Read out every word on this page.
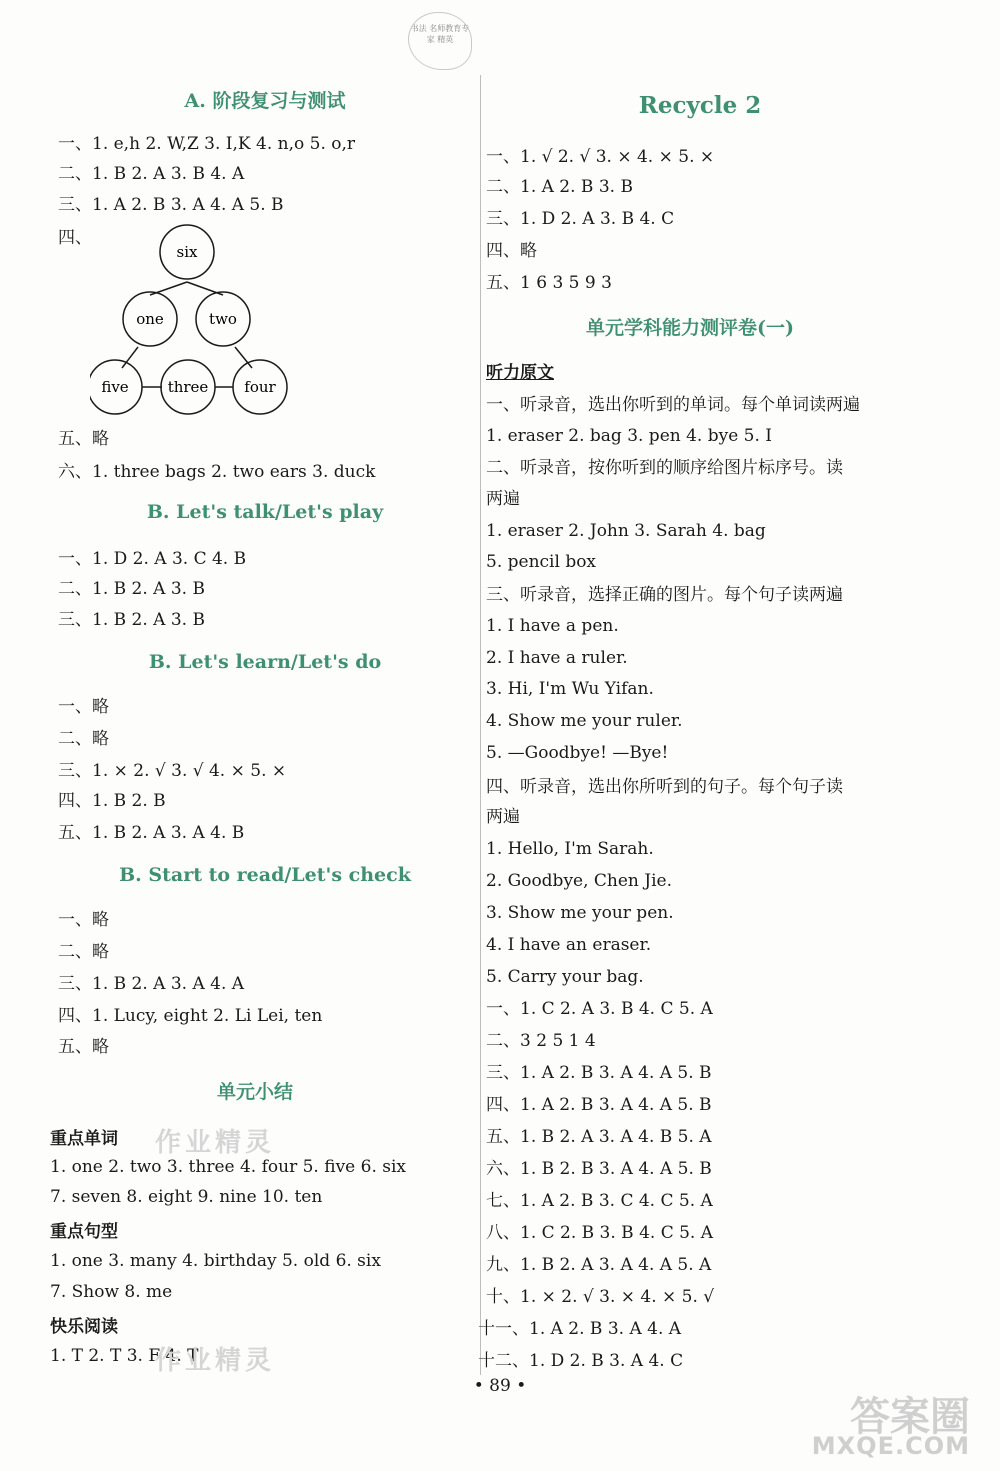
书法 名师教育专家 精英
A. 阶段复习与测试
一、1. e,h 2. W,Z 3. I,K 4. n,o 5. o,r
二、1. B 2. A 3. B 4. A
三、1. A 2. B 3. A 4. A 5. B
四、
six
one	two
five	three four
五、略
六、1. three bags 2. two ears 3. duck
B. Let's talk/Let's play
一、1. D 2. A 3. C 4. B
二、1. B 2. A 3. B
三、1. B 2. A 3. B
B. Let's learn/Let's do
一、略
二、略
三、1. × 2. √ 3. √ 4. × 5. ×
四、1. B 2. B
五、1. B 2. A 3. A 4. B
B. Start to read/Let's check
一、略
二、略
三、1. B 2. A 3. A 4. A
四、1. Lucy, eight 2. Li Lei, ten
五、略
单元小结
重点单词
1. one 2. two 3. three 4. four 5. five 6. six
7. seven 8. eight 9. nine 10. ten
重点句型
1. one 3. many 4. birthday 5. old 6. six
7. Show 8. me
快乐阅读
1. T 2. T 3. F 4. T
Recycle 2
一、1. √ 2. √ 3. × 4. × 5. ×
二、1. A 2. B 3. B
三、1. D 2. A 3. B 4. C
四、略
五、1 6 3 5 9 3
单元学科能力测评卷(一)
听力原文
一、听录音，选出你听到的单词。每个单词读两遍
1. eraser 2. bag 3. pen 4. bye 5. I
二、听录音，按你听到的顺序给图片标序号。读
两遍
1. eraser 2. John 3. Sarah 4. bag
5. pencil box
三、听录音，选择正确的图片。每个句子读两遍
1. I have a pen.
2. I have a ruler.
3. Hi, I'm Wu Yifan.
4. Show me your ruler.
5. —Goodbye! —Bye!
四、听录音，选出你所听到的句子。每个句子读
两遍
1. Hello, I'm Sarah.
2. Goodbye, Chen Jie.
3. Show me your pen.
4. I have an eraser.
5. Carry your bag.
一、1. C 2. A 3. B 4. C 5. A
二、3 2 5 1 4
三、1. A 2. B 3. A 4. A 5. B
四、1. A 2. B 3. A 4. A 5. B
五、1. B 2. A 3. A 4. B 5. A
六、1. B 2. B 3. A 4. A 5. B
七、1. A 2. B 3. C 4. C 5. A
八、1. C 2. B 3. B 4. C 5. A
九、1. B 2. A 3. A 4. A 5. A
十、1. × 2. √ 3. × 4. × 5. √
十一、1. A 2. B 3. A 4. A
十二、1. D 2. B 3. A 4. C
作业精灵
作业精灵
答案圈
MXQE.COM
• 89 •
